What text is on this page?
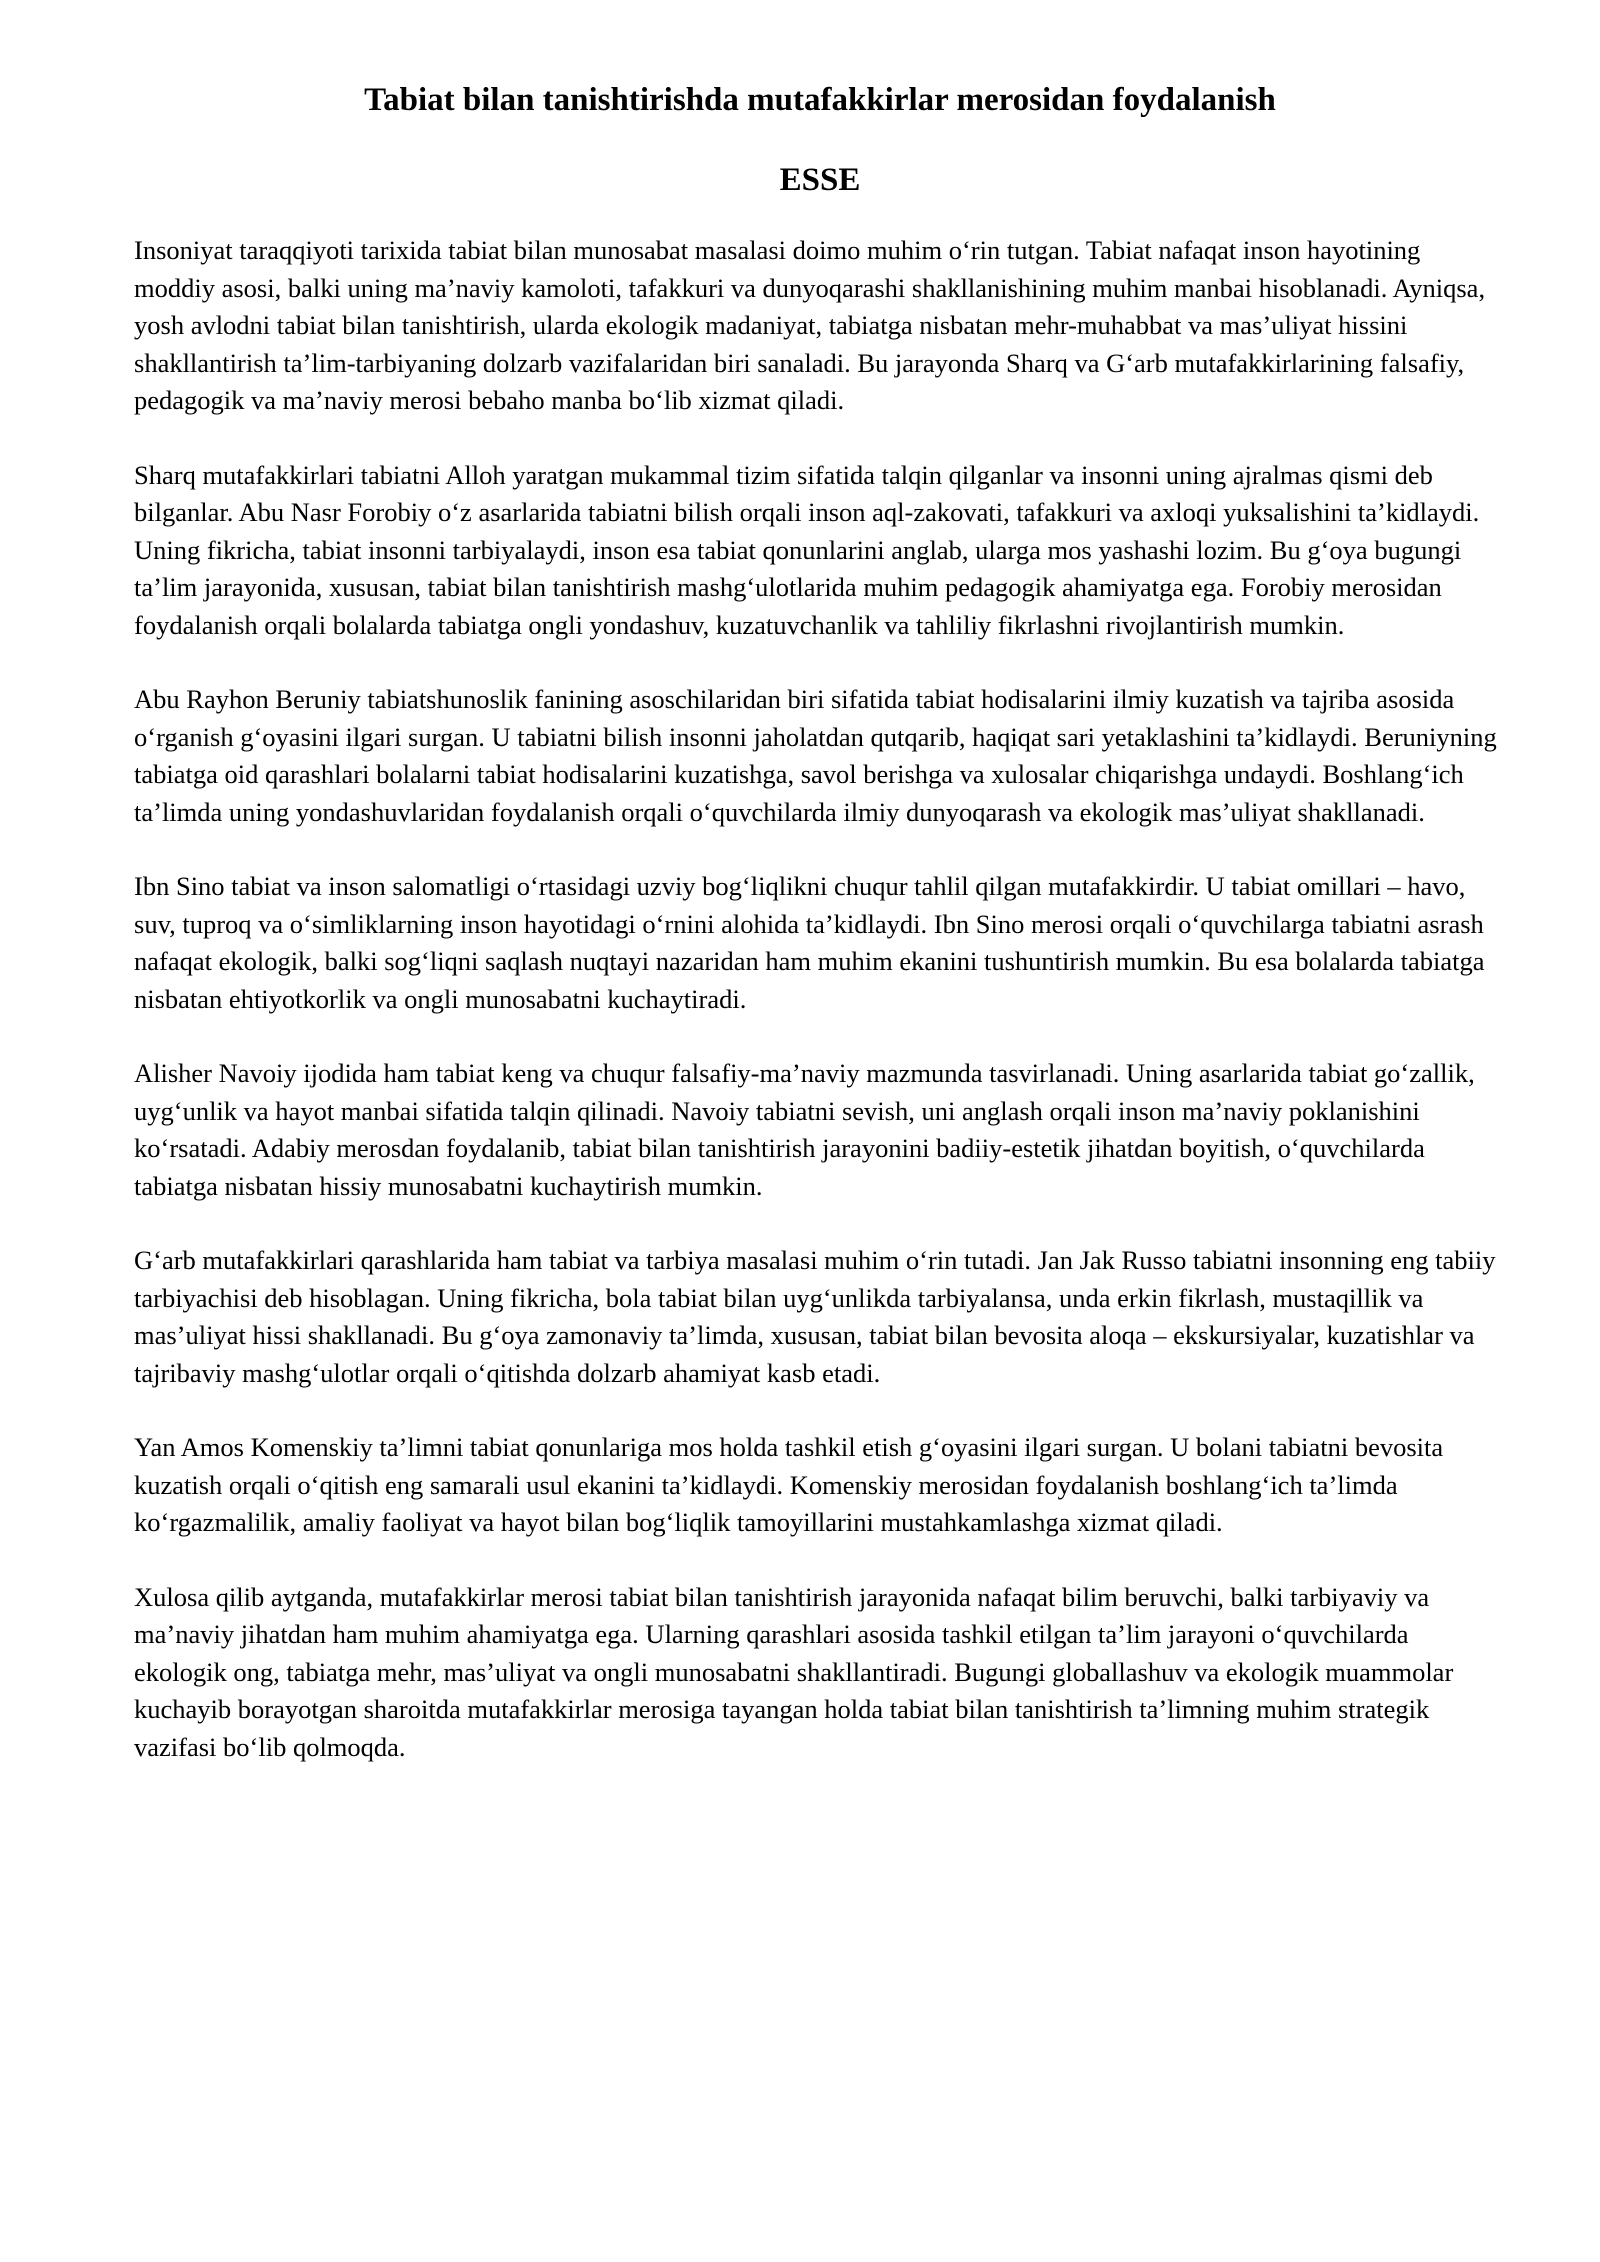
Tabiat bilan tanishtirishda mutafakkirlar merosidan foydalanish
ESSE

Insoniyat taraqqiyoti tarixida tabiat bilan munosabat masalasi doimo muhim o‘rin tutgan. Tabiat nafaqat inson hayotining moddiy asosi, balki uning ma’naviy kamoloti, tafakkuri va dunyoqarashi shakllanishining muhim manbai hisoblanadi. Ayniqsa, yosh avlodni tabiat bilan tanishtirish, ularda ekologik madaniyat, tabiatga nisbatan mehr-muhabbat va mas’uliyat hissini shakllantirish ta’lim-tarbiyaning dolzarb vazifalaridan biri sanaladi. Bu jarayonda Sharq va G‘arb mutafakkirlarining falsafiy, pedagogik va ma’naviy merosi bebaho manba bo‘lib xizmat qiladi.

Sharq mutafakkirlari tabiatni Alloh yaratgan mukammal tizim sifatida talqin qilganlar va insonni uning ajralmas qismi deb bilganlar. Abu Nasr Forobiy o‘z asarlarida tabiatni bilish orqali inson aql-zakovati, tafakkuri va axloqi yuksalishini ta’kidlaydi. Uning fikricha, tabiat insonni tarbiyalaydi, inson esa tabiat qonunlarini anglab, ularga mos yashashi lozim. Bu g‘oya bugungi ta’lim jarayonida, xususan, tabiat bilan tanishtirish mashg‘ulotlarida muhim pedagogik ahamiyatga ega. Forobiy merosidan foydalanish orqali bolalarda tabiatga ongli yondashuv, kuzatuvchanlik va tahliliy fikrlashni rivojlantirish mumkin.

Abu Rayhon Beruniy tabiatshunoslik fanining asoschilaridan biri sifatida tabiat hodisalarini ilmiy kuzatish va tajriba asosida o‘rganish g‘oyasini ilgari surgan. U tabiatni bilish insonni jaholatdan qutqarib, haqiqat sari yetaklashini ta’kidlaydi. Beruniyning tabiatga oid qarashlari bolalarni tabiat hodisalarini kuzatishga, savol berishga va xulosalar chiqarishga undaydi. Boshlang‘ich ta’limda uning yondashuvlaridan foydalanish orqali o‘quvchilarda ilmiy dunyoqarash va ekologik mas’uliyat shakllanadi.

Ibn Sino tabiat va inson salomatligi o‘rtasidagi uzviy bog‘liqlikni chuqur tahlil qilgan mutafakkirdir. U tabiat omillari – havo, suv, tuproq va o‘simliklarning inson hayotidagi o‘rnini alohida ta’kidlaydi. Ibn Sino merosi orqali o‘quvchilarga tabiatni asrash nafaqat ekologik, balki sog‘liqni saqlash nuqtayi nazaridan ham muhim ekanini tushuntirish mumkin. Bu esa bolalarda tabiatga nisbatan ehtiyotkorlik va ongli munosabatni kuchaytiradi.

Alisher Navoiy ijodida ham tabiat keng va chuqur falsafiy-ma’naviy mazmunda tasvirlanadi. Uning asarlarida tabiat go‘zallik, uyg‘unlik va hayot manbai sifatida talqin qilinadi. Navoiy tabiatni sevish, uni anglash orqali inson ma’naviy poklanishini ko‘rsatadi. Adabiy merosdan foydalanib, tabiat bilan tanishtirish jarayonini badiiy-estetik jihatdan boyitish, o‘quvchilarda tabiatga nisbatan hissiy munosabatni kuchaytirish mumkin.

G‘arb mutafakkirlari qarashlarida ham tabiat va tarbiya masalasi muhim o‘rin tutadi. Jan Jak Russo tabiatni insonning eng tabiiy tarbiyachisi deb hisoblagan. Uning fikricha, bola tabiat bilan uyg‘unlikda tarbiyalansa, unda erkin fikrlash, mustaqillik va mas’uliyat hissi shakllanadi. Bu g‘oya zamonaviy ta’limda, xususan, tabiat bilan bevosita aloqa – ekskursiyalar, kuzatishlar va tajribaviy mashg‘ulotlar orqali o‘qitishda dolzarb ahamiyat kasb etadi.

Yan Amos Komenskiy ta’limni tabiat qonunlariga mos holda tashkil etish g‘oyasini ilgari surgan. U bolani tabiatni bevosita kuzatish orqali o‘qitish eng samarali usul ekanini ta’kidlaydi. Komenskiy merosidan foydalanish boshlang‘ich ta’limda ko‘rgazmalilik, amaliy faoliyat va hayot bilan bog‘liqlik tamoyillarini mustahkamlashga xizmat qiladi.

Xulosa qilib aytganda, mutafakkirlar merosi tabiat bilan tanishtirish jarayonida nafaqat bilim beruvchi, balki tarbiyaviy va ma’naviy jihatdan ham muhim ahamiyatga ega. Ularning qarashlari asosida tashkil etilgan ta’lim jarayoni o‘quvchilarda ekologik ong, tabiatga mehr, mas’uliyat va ongli munosabatni shakllantiradi. Bugungi globallashuv va ekologik muammolar kuchayib borayotgan sharoitda mutafakkirlar merosiga tayangan holda tabiat bilan tanishtirish ta’limning muhim strategik vazifasi bo‘lib qolmoqda.
